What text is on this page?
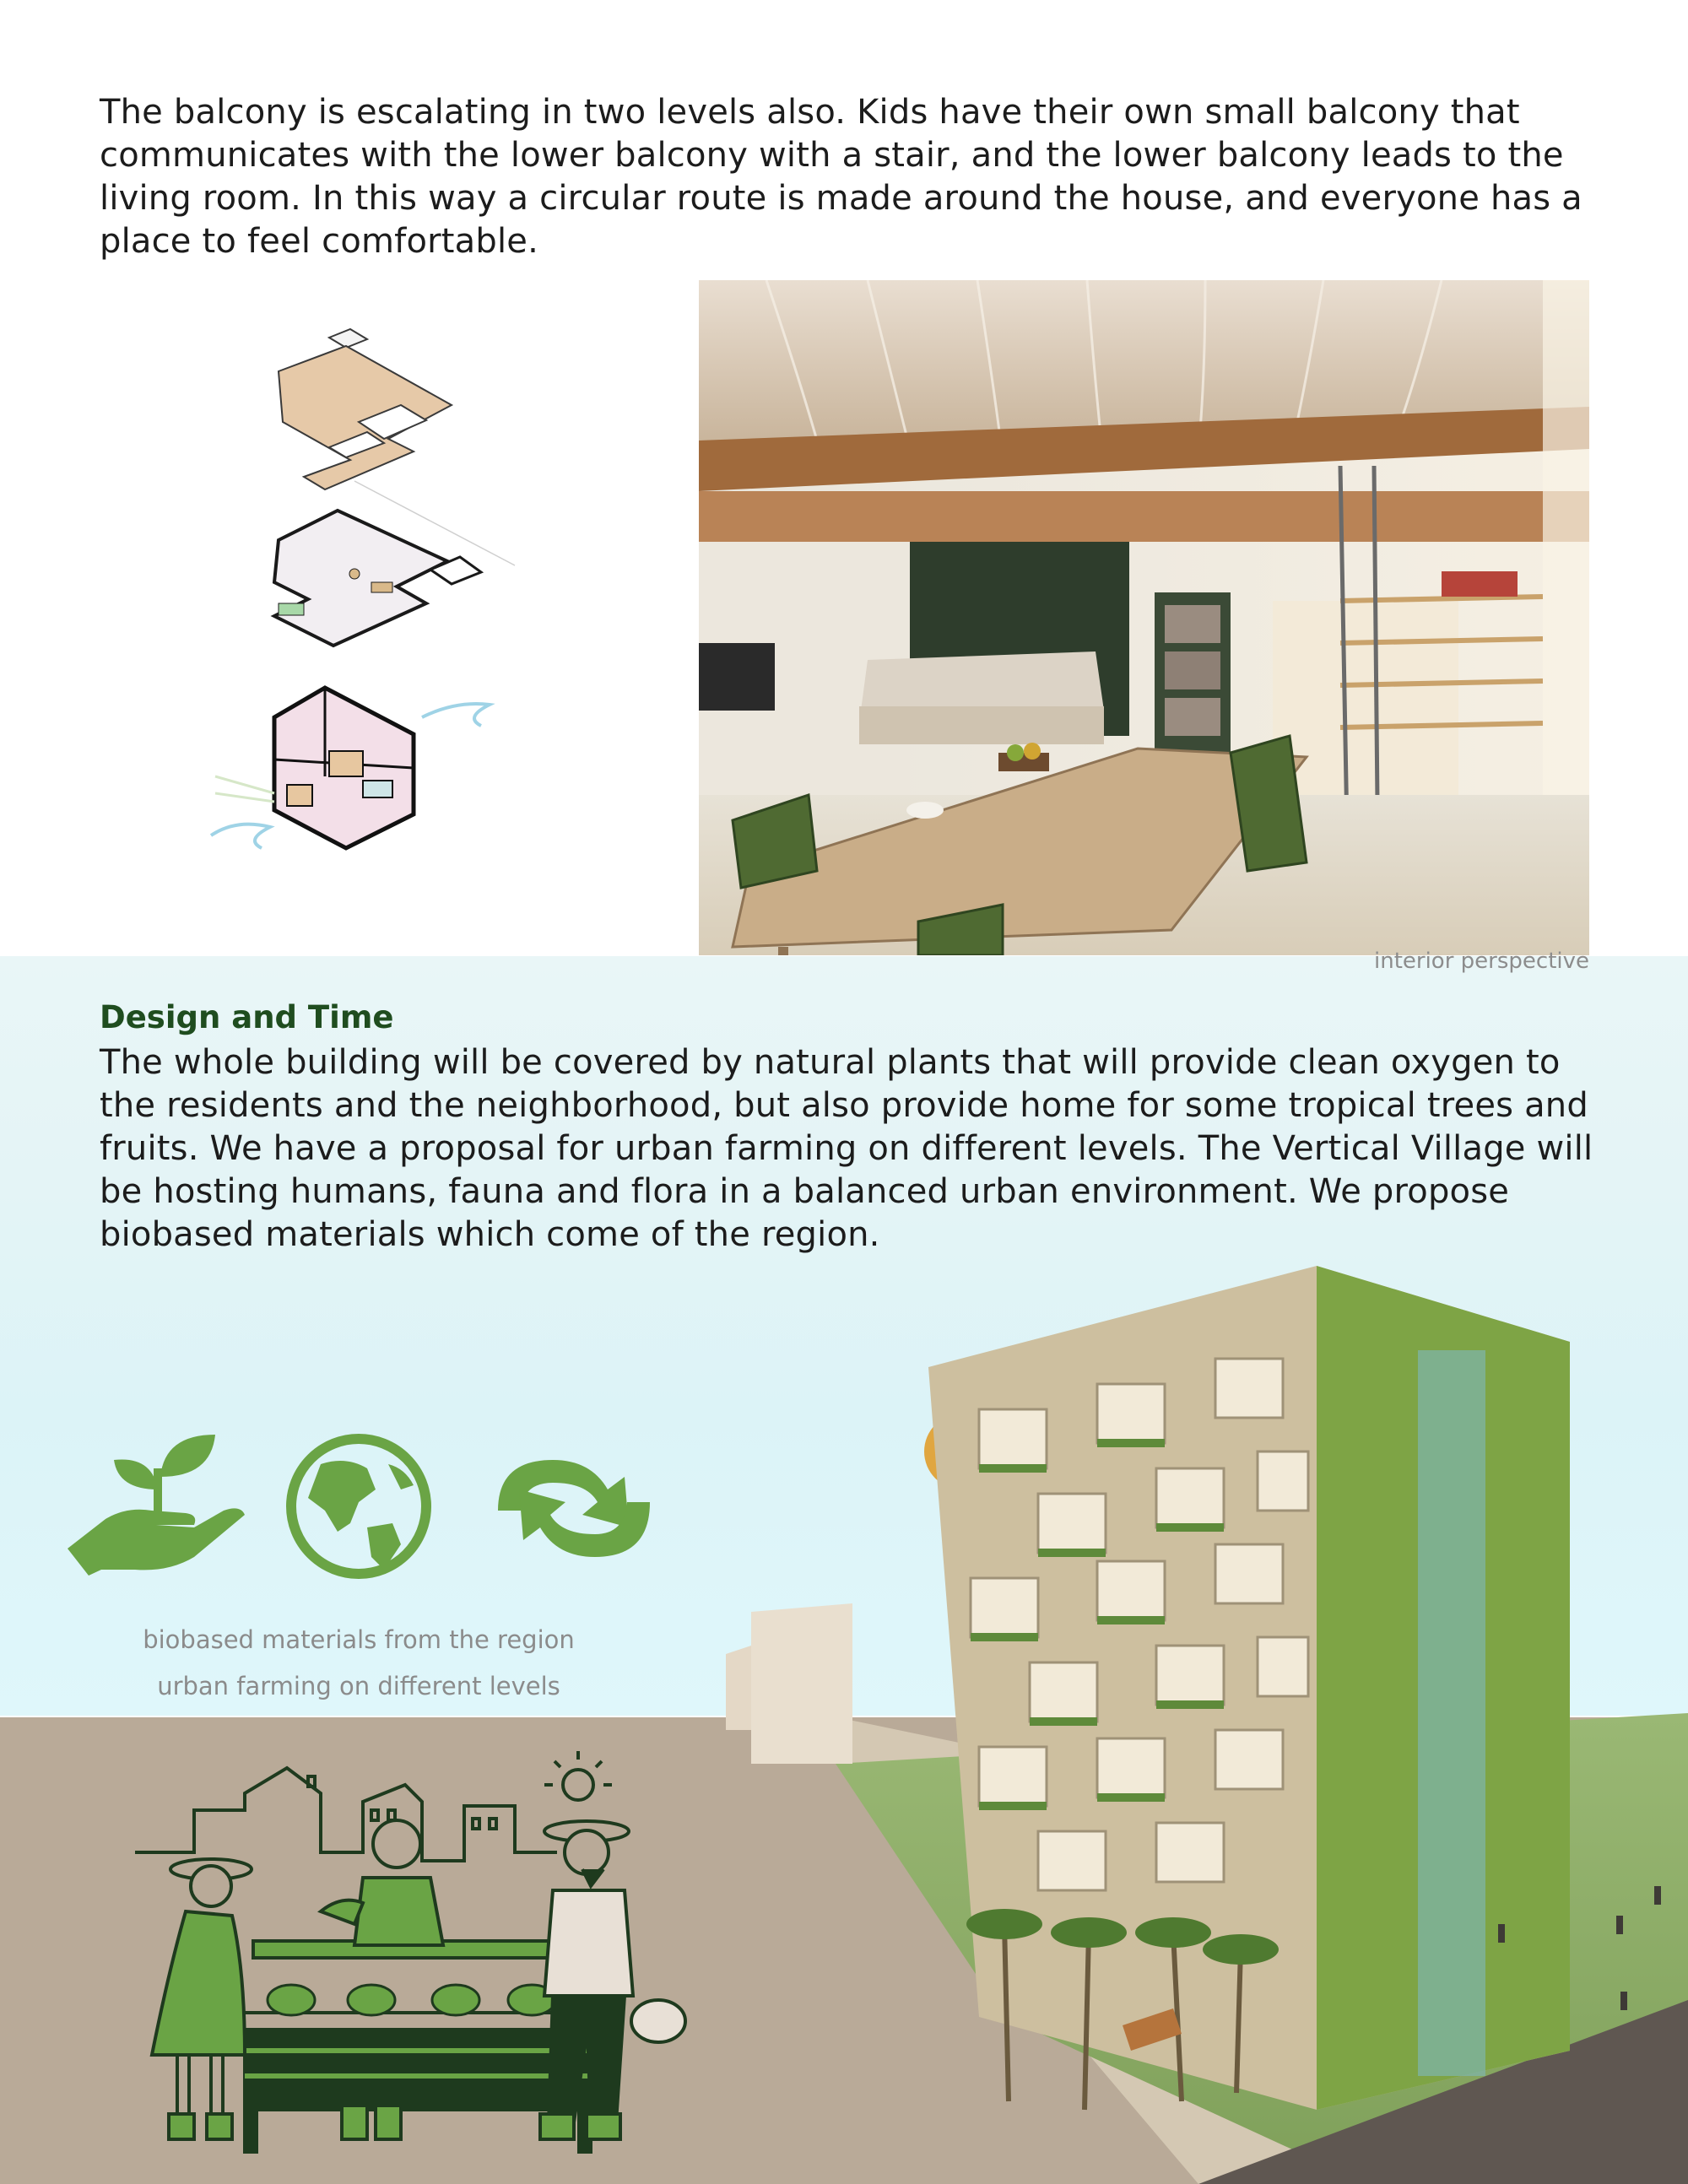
The balcony is escalating in two levels also. Kids have their own small balcony that communicates with the lower balcony with a stair, and the lower balcony leads to the living room. In this way a circular route is made around the house, and everyone has a place to feel comfortable.

interior perspective
Design and Time

The whole building will be covered by natural plants that will provide clean oxygen to the residents and the neighborhood, but also provide home for some tropical trees and fruits. We have a proposal for urban farming on different levels. The Vertical Village will be hosting humans, fauna and flora in a balanced urban environment. We propose biobased materials which come of the region.

biobased materials from the region
urban farming on different levels
